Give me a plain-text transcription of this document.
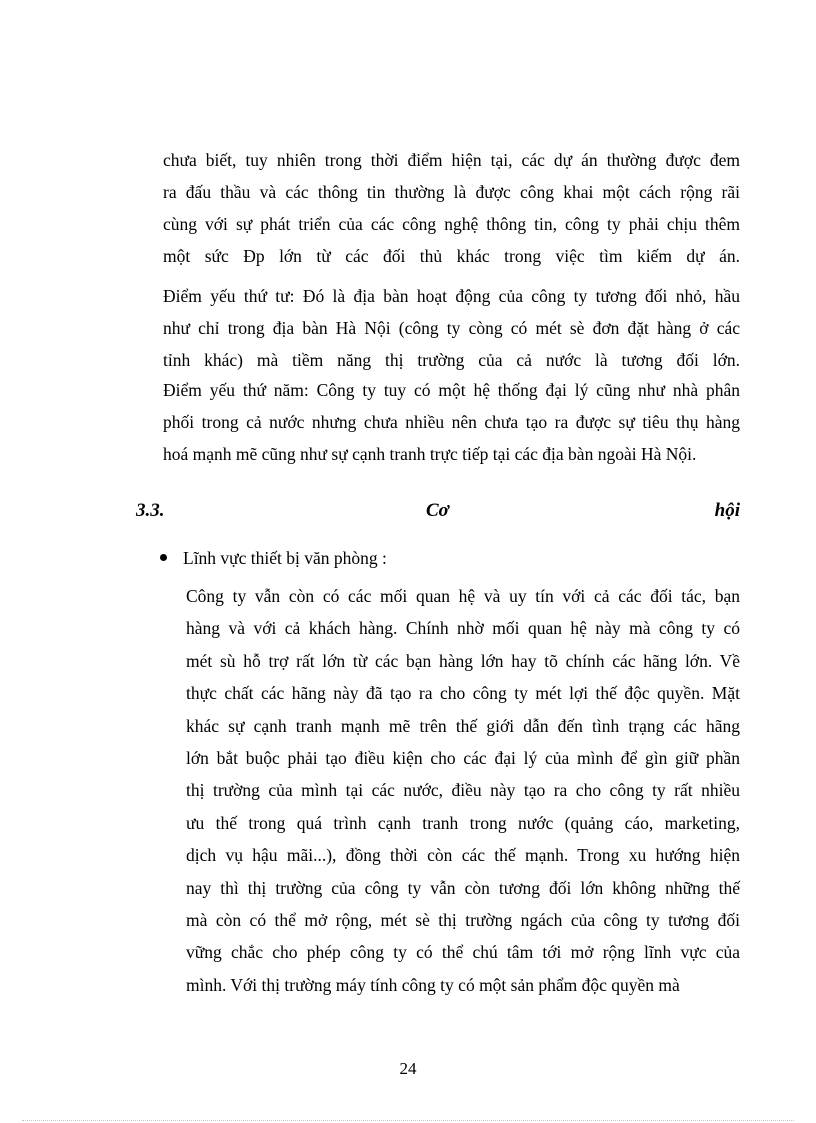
chưa biết, tuy nhiên trong thời điểm hiện tại, các dự án thường được đem
ra đấu thầu và các thông tin thường là được công khai một cách rộng rãi
cùng với sự phát triển của các công nghệ thông tin, công ty phải chịu thêm
một sức Đp lớn từ các đối thủ khác trong việc tìm kiếm dự án.
Điểm yếu thứ tư: Đó là địa bàn hoạt động của công ty tương đối nhỏ, hầu
như chỉ trong địa bàn Hà Nội (công ty còng có mét sè đơn đặt hàng ở các
tỉnh khác) mà tiềm năng thị trường của cả nước là tương đối lớn.
Điểm yếu thứ năm: Công ty tuy có một hệ thống đại lý cũng như nhà phân
phối trong cả nước nhưng chưa nhiều nên chưa tạo ra được sự tiêu thụ hàng
hoá mạnh mẽ cũng như sự cạnh tranh trực tiếp tại các địa bàn ngoài Hà Nội.
3.3.	Cơ	hội
Lĩnh vực thiết bị văn phòng :
Công ty vẫn còn có các mối quan hệ và uy tín với cả các đối tác, bạn
hàng và với cả khách hàng. Chính nhờ mối quan hệ này mà công ty có
mét sù hỗ trợ rất lớn từ các bạn hàng lớn hay tõ chính các hãng lớn. Về
thực chất các hãng này đã tạo ra cho công ty mét lợi thế độc quyền. Mặt
khác sự cạnh tranh mạnh mẽ trên thế giới dẫn đến tình trạng các hãng
lớn bắt buộc phải tạo điều kiện cho các đại lý của mình để gìn giữ phần
thị trường của mình tại các nước, điều này tạo ra cho công ty rất nhiều
ưu thế trong quá trình cạnh tranh trong nước (quảng cáo, marketing,
dịch vụ hậu mãi...), đồng thời còn các thế mạnh. Trong xu hướng hiện
nay thì thị trường của công ty vẫn còn tương đối lớn không những thế
mà còn có thể mở rộng, mét sè thị trường ngách của công ty tương đối
vững chắc cho phép công ty có thể chú tâm tới mở rộng lĩnh vực của
mình. Với thị trường máy tính công ty có một sản phẩm độc quyền mà
24
